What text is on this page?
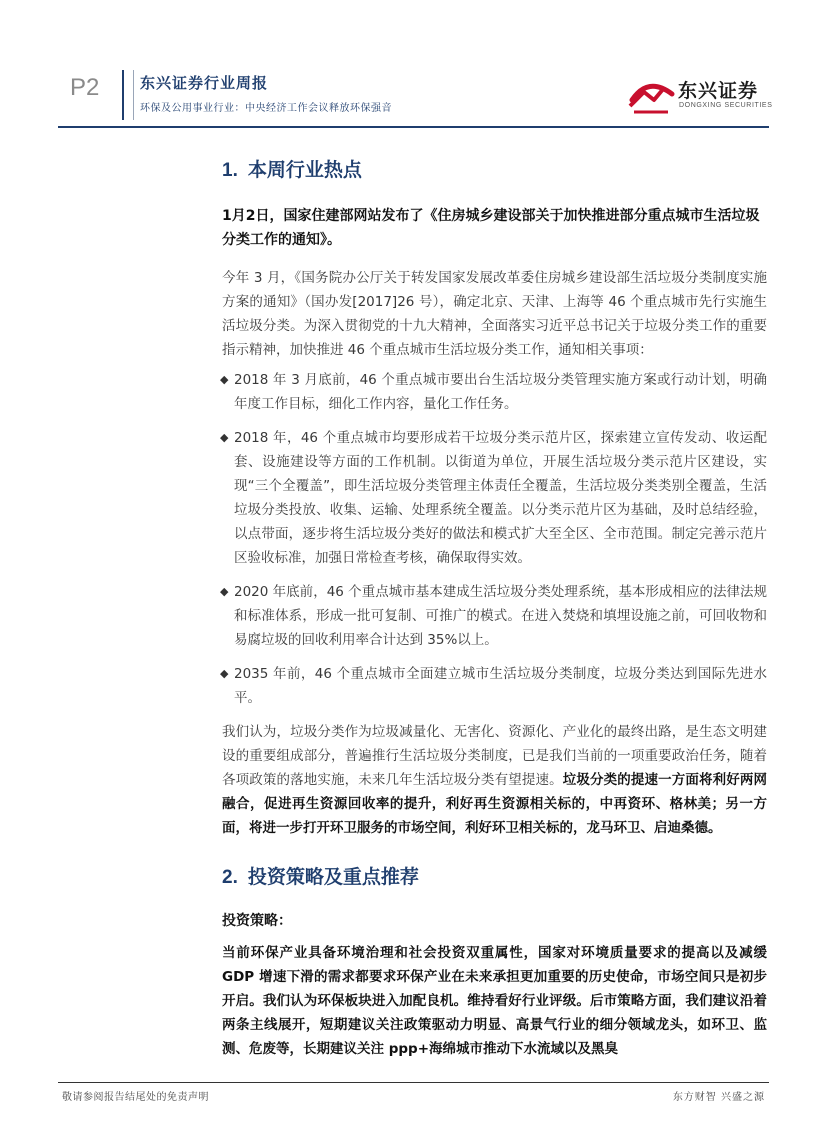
P2	东兴证券行业周报
环保及公用事业行业：中央经济工作会议释放环保强音
东兴证券
DONGXING SECURITIES
1. 本周行业热点

1月2日，国家住建部网站发布了《住房城乡建设部关于加快推进部分重点城市生活垃圾分类工作的通知》。

今年 3 月，《国务院办公厅关于转发国家发展改革委住房城乡建设部生活垃圾分类制度实施方案的通知》（国办发[2017]26 号），确定北京、天津、上海等 46 个重点城市先行实施生活垃圾分类。为深入贯彻党的十九大精神，全面落实习近平总书记关于垃圾分类工作的重要指示精神，加快推进 46 个重点城市生活垃圾分类工作，通知相关事项：

◆ 2018 年 3 月底前，46 个重点城市要出台生活垃圾分类管理实施方案或行动计划，明确年度工作目标，细化工作内容，量化工作任务。

◆ 2018 年，46 个重点城市均要形成若干垃圾分类示范片区，探索建立宣传发动、收运配套、设施建设等方面的工作机制。以街道为单位，开展生活垃圾分类示范片区建设，实现“三个全覆盖”，即生活垃圾分类管理主体责任全覆盖，生活垃圾分类类别全覆盖，生活垃圾分类投放、收集、运输、处理系统全覆盖。以分类示范片区为基础，及时总结经验，以点带面，逐步将生活垃圾分类好的做法和模式扩大至全区、全市范围。制定完善示范片区验收标准，加强日常检查考核，确保取得实效。

◆ 2020 年底前，46 个重点城市基本建成生活垃圾分类处理系统，基本形成相应的法律法规和标准体系，形成一批可复制、可推广的模式。在进入焚烧和填埋设施之前，可回收物和易腐垃圾的回收利用率合计达到 35%以上。

◆ 2035 年前，46 个重点城市全面建立城市生活垃圾分类制度，垃圾分类达到国际先进水平。

我们认为，垃圾分类作为垃圾减量化、无害化、资源化、产业化的最终出路，是生态文明建设的重要组成部分，普遍推行生活垃圾分类制度，已是我们当前的一项重要政治任务，随着各项政策的落地实施，未来几年生活垃圾分类有望提速。垃圾分类的提速一方面将利好两网融合，促进再生资源回收率的提升，利好再生资源相关标的，中再资环、格林美；另一方面，将进一步打开环卫服务的市场空间，利好环卫相关标的，龙马环卫、启迪桑德。

2. 投资策略及重点推荐

投资策略：

当前环保产业具备环境治理和社会投资双重属性，国家对环境质量要求的提高以及减缓 GDP 增速下滑的需求都要求环保产业在未来承担更加重要的历史使命，市场空间只是初步开启。我们认为环保板块进入加配良机。维持看好行业评级。后市策略方面，我们建议沿着两条主线展开，短期建议关注政策驱动力明显、高景气行业的细分领域龙头，如环卫、监测、危废等，长期建议关注 ppp+海绵城市推动下水流域以及黑臭

敬请参阅报告结尾处的免责声明	东方财智 兴盛之源
